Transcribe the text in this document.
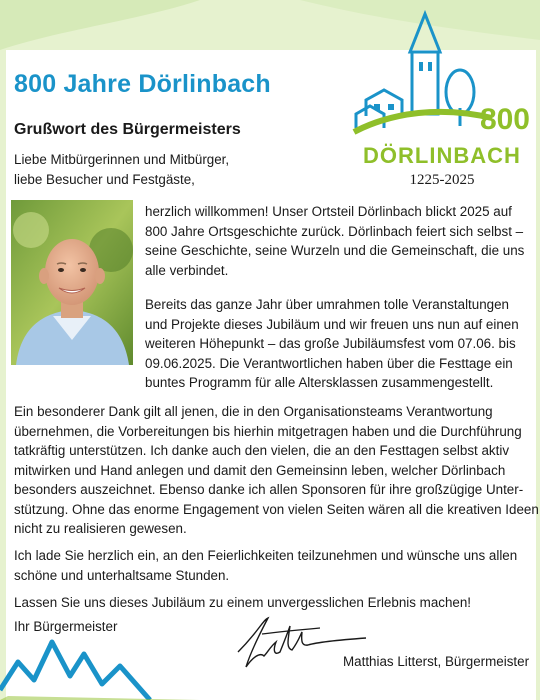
800 Jahre Dörlinbach
Grußwort des Bürgermeisters

Liebe Mitbürgerinnen und Mitbürger,
liebe Besucher und Festgäste,

herzlich willkommen! Unser Ortsteil Dörlinbach blickt 2025 auf
800 Jahre Ortsgeschichte zurück. Dörlinbach feiert sich selbst –
seine Geschichte, seine Wurzeln und die Gemeinschaft, die uns
alle verbindet.

Bereits das ganze Jahr über umrahmen tolle Veranstaltungen
und Projekte dieses Jubiläum und wir freuen uns nun auf einen
weiteren Höhepunkt – das große Jubiläumsfest vom 07.06. bis
09.06.2025. Die Verantwortlichen haben über die Festtage ein
buntes Programm für alle Altersklassen zusammengestellt.

Ein besonderer Dank gilt all jenen, die in den Organisationsteams Verantwortung
übernehmen, die Vorbereitungen bis hierhin mitgetragen haben und die Durchführung
tatkräftig unterstützen. Ich danke auch den vielen, die an den Festtagen selbst aktiv
mitwirken und Hand anlegen und damit den Gemeinsinn leben, welcher Dörlinbach
besonders auszeichnet. Ebenso danke ich allen Sponsoren für ihre großzügige Unter-
stützung. Ohne das enorme Engagement von vielen Seiten wären all die kreativen Ideen
nicht zu realisieren gewesen.

Ich lade Sie herzlich ein, an den Feierlichkeiten teilzunehmen und wünsche uns allen
schöne und unterhaltsame Stunden.

Lassen Sie uns dieses Jubiläum zu einem unvergesslichen Erlebnis machen!

Ihr Bürgermeister

Matthias Litterst, Bürgermeister

800
DÖRLINBACH
1225-2025
